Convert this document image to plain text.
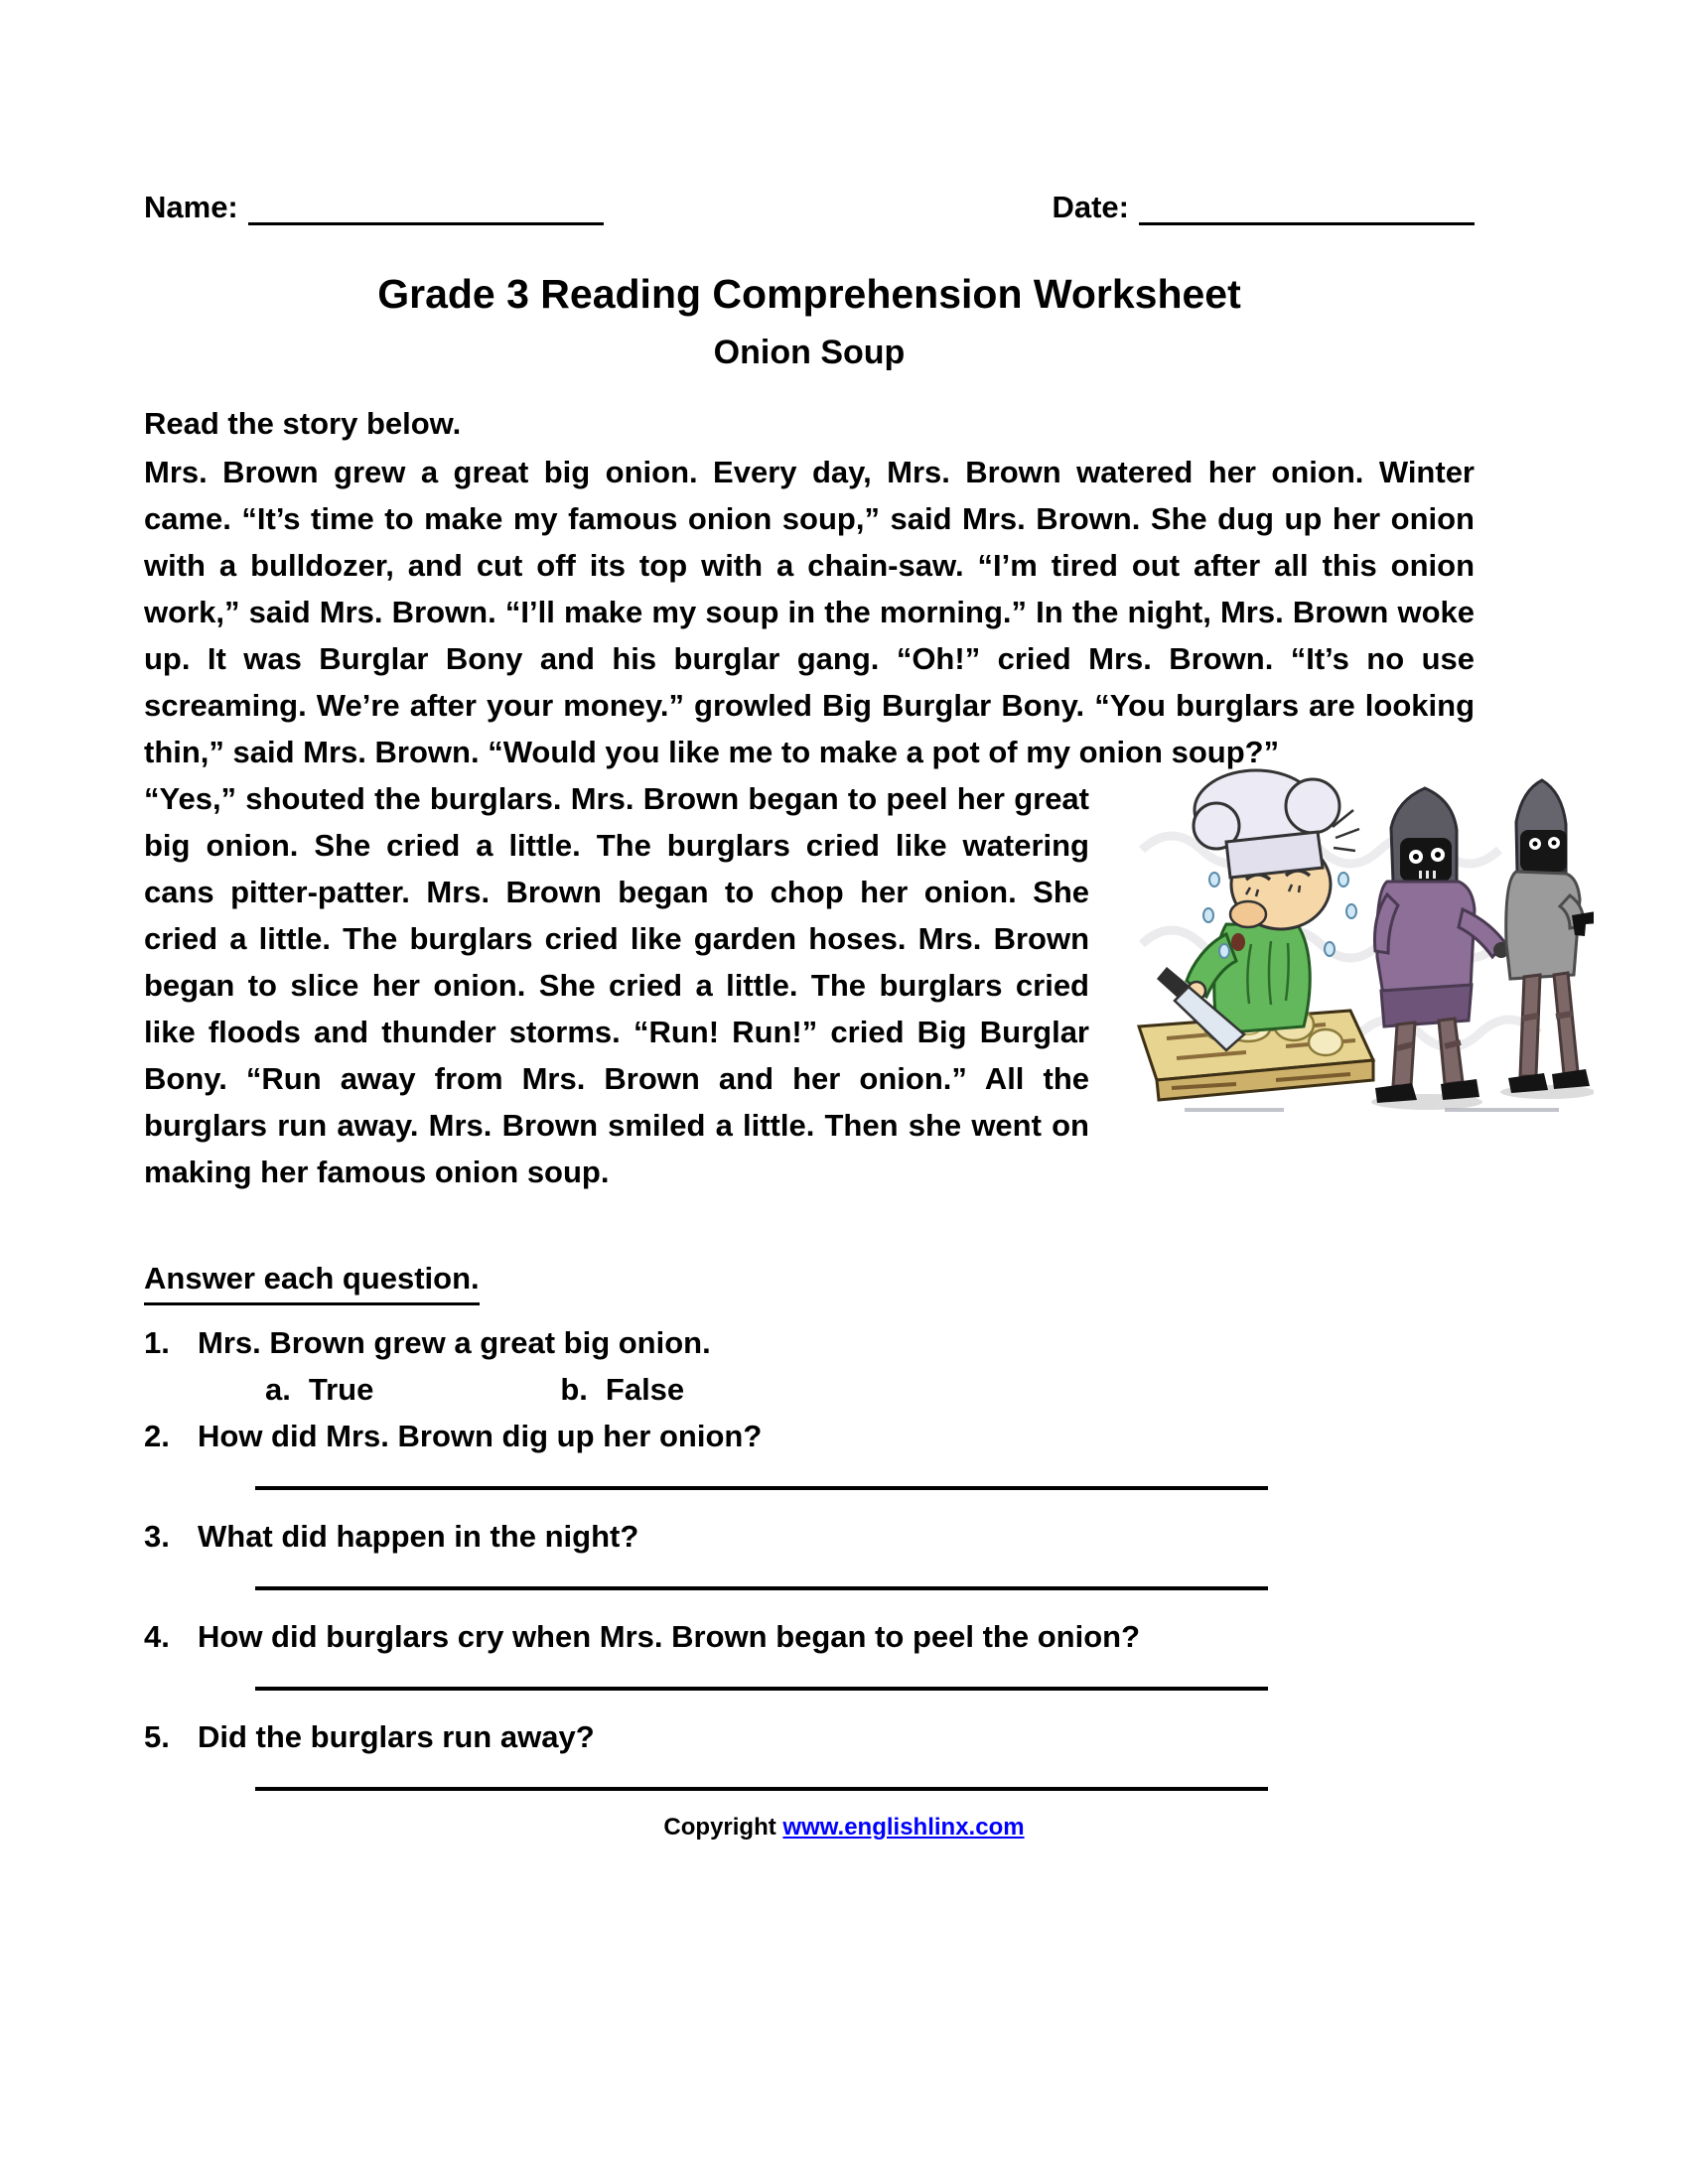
Name:	Date:
Grade 3 Reading Comprehension Worksheet
Onion Soup
Read the story below.

Mrs. Brown grew a great big onion. Every day, Mrs. Brown watered her onion. Winter came. “It’s time to make my famous onion soup,” said Mrs. Brown. She dug up her onion with a bulldozer, and cut off its top with a chain-saw. “I’m tired out after all this onion work,” said Mrs. Brown. “I’ll make my soup in the morning.” In the night, Mrs. Brown woke up. It was Burglar Bony and his burglar gang. “Oh!” cried Mrs. Brown. “It’s no use screaming. We’re after your money.” growled Big Burglar Bony. “You burglars are looking thin,” said Mrs. Brown. “Would you like me to make a pot of my onion soup?”

“Yes,” shouted the burglars. Mrs. Brown began to peel her great big onion. She cried a little. The burglars cried like watering cans pitter-patter. Mrs. Brown began to chop her onion. She cried a little. The burglars cried like garden hoses. Mrs. Brown began to slice her onion. She cried a little. The burglars cried like floods and thunder storms. “Run! Run!” cried Big Burglar Bony. “Run away from Mrs. Brown and her onion.” All the burglars run away. Mrs. Brown smiled a little. Then she went on making her famous onion soup.

Answer each question.
1. Mrs. Brown grew a great big onion.
a. True	b. False
2. How did Mrs. Brown dig up her onion?
3. What did happen in the night?
4. How did burglars cry when Mrs. Brown began to peel the onion?
5. Did the burglars run away?
Copyright www.englishlinx.com
